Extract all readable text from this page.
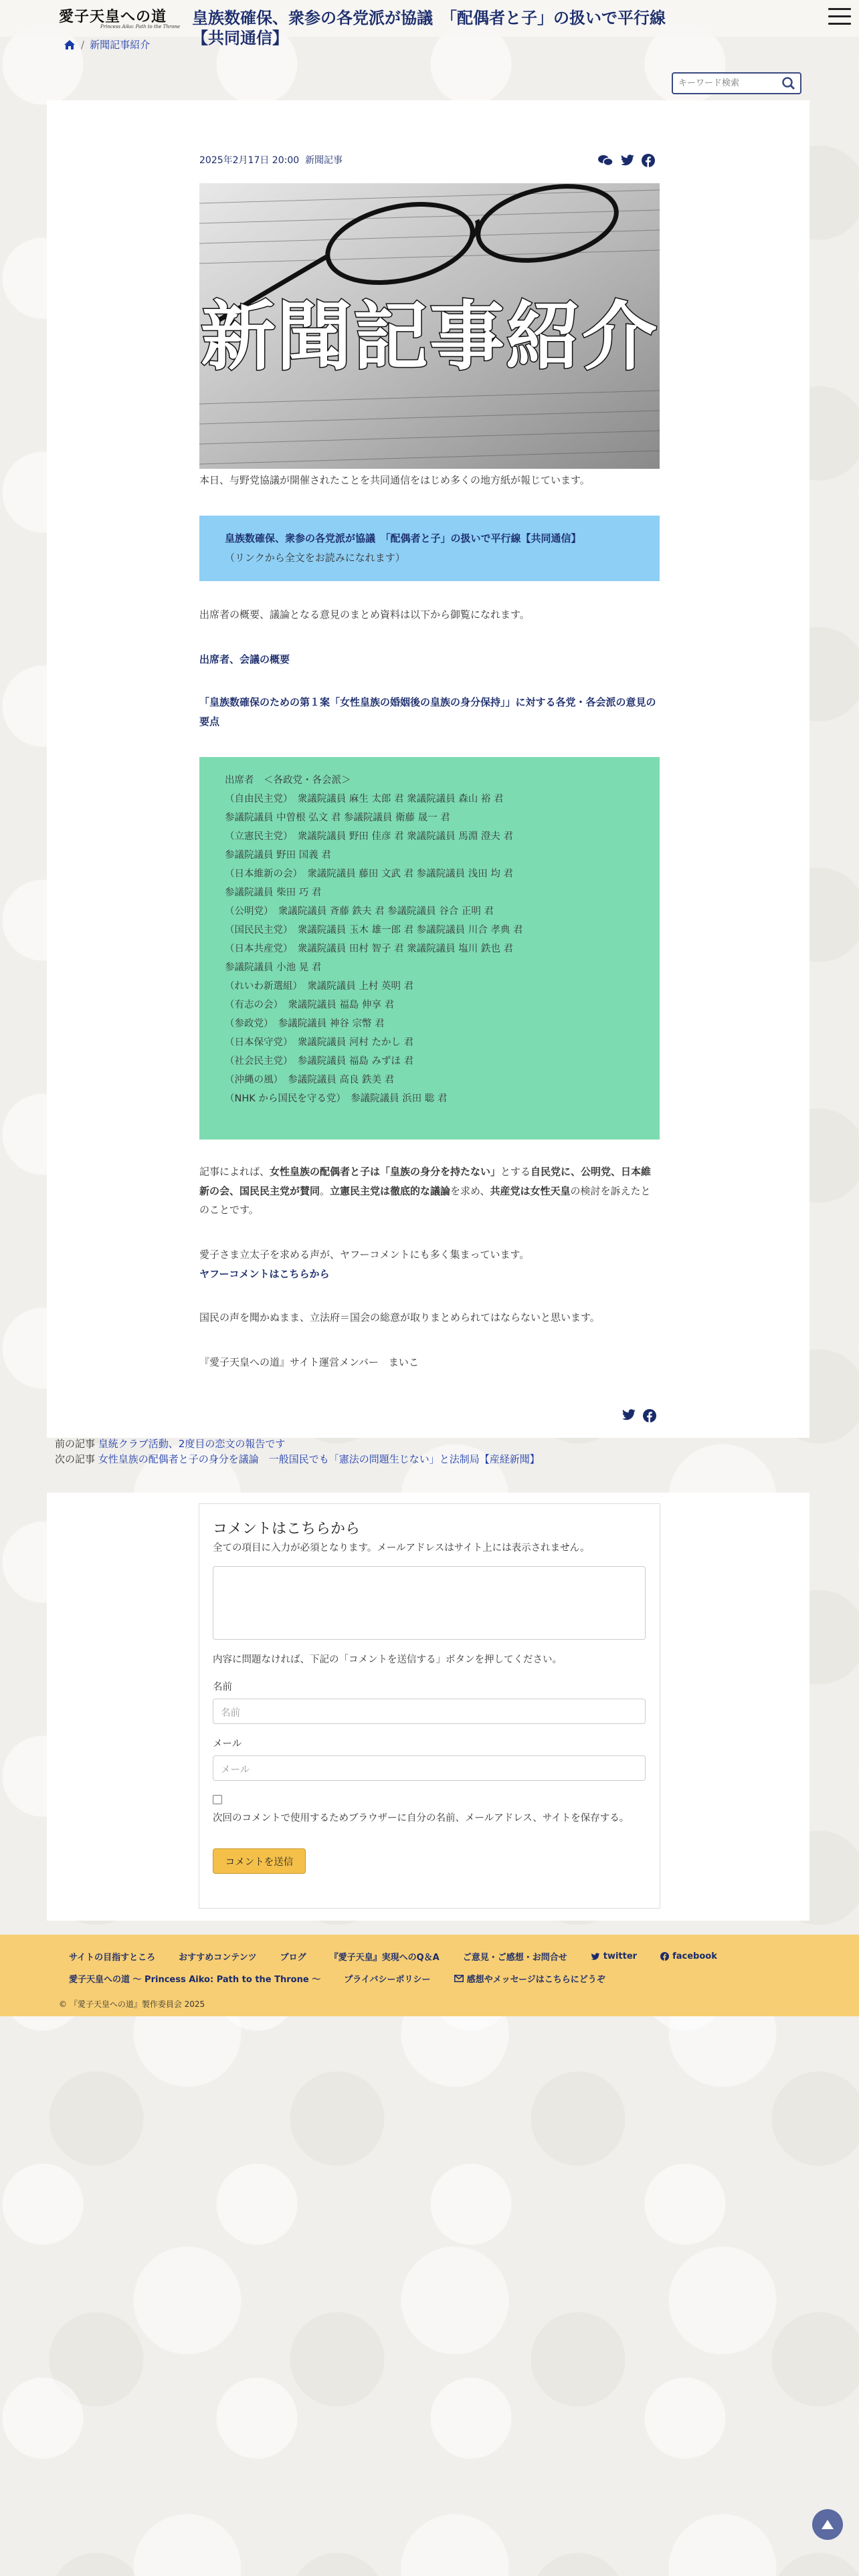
愛子天皇への道
Princess Aiko: Path to the Throne
/ 新聞記事紹介
キーワード検索
皇族数確保、衆参の各党派が協議　「配偶者と子」の扱いで平行線【共同通信】
2025年2月17日 20:00 新聞記事
新聞記事紹介

本日、与野党協議が開催されたことを共同通信をはじめ多くの地方紙が報じています。

皇族数確保、衆参の各党派が協議　「配偶者と子」の扱いで平行線【共同通信】
（リンクから全文をお読みになれます）

出席者の概要、議論となる意見のまとめ資料は以下から御覧になれます。

出席者、会議の概要

「皇族数確保のための第１案「女性皇族の婚姻後の皇族の身分保持」」に対する各党・各会派の意見の要点

出席者　＜各政党・各会派＞
（自由民主党）　衆議院議員 麻生 太郎 君 衆議院議員 森山 裕 君
参議院議員 中曽根 弘文 君 参議院議員 衛藤 晟一 君
（立憲民主党）　衆議院議員 野田 佳彦 君 衆議院議員 馬淵 澄夫 君
参議院議員 野田 国義 君
（日本維新の会）　衆議院議員 藤田 文武 君 参議院議員 浅田 均 君
参議院議員 柴田 巧 君
（公明党）　衆議院議員 斉藤 鉄夫 君 参議院議員 谷合 正明 君
（国民民主党）　衆議院議員 玉木 雄一郎 君 参議院議員 川合 孝典 君
（日本共産党）　衆議院議員 田村 智子 君 衆議院議員 塩川 鉄也 君
参議院議員 小池 晃 君
（れいわ新選組）　衆議院議員 上村 英明 君
（有志の会）　衆議院議員 福島 伸享 君
（参政党）　参議院議員 神谷 宗幣 君
（日本保守党）　衆議院議員 河村 たかし 君
（社会民主党）　参議院議員 福島 みずほ 君
（沖縄の風）　参議院議員 高良 鉄美 君
（NHK から国民を守る党）　参議院議員 浜田 聡 君

記事によれば、女性皇族の配偶者と子は「皇族の身分を持たない」とする自民党に、公明党、日本維新の会、国民民主党が賛同。立憲民主党は徹底的な議論を求め、共産党は女性天皇の検討を訴えたとのことです。

愛子さま立太子を求める声が、ヤフーコメントにも多く集まっています。
ヤフーコメントはこちらから

国民の声を聞かぬまま、立法府＝国会の総意が取りまとめられてはならないと思います。

『愛子天皇への道』サイト運営メンバー　まいこ

前の記事 皇統クラブ活動、2度目の恋文の報告です
次の記事 女性皇族の配偶者と子の身分を議論　一般国民でも「憲法の問題生じない」と法制局【産経新聞】
コメントはこちらから
全ての項目に入力が必須となります。メールアドレスはサイト上には表示されません。
内容に問題なければ、下記の「コメントを送信する」ボタンを押してください。
名前
名前
メール
メール
次回のコメントで使用するためブラウザーに自分の名前、メールアドレス、サイトを保存する。
コメントを送信
サイトの目指すところ	おすすめコンテンツ	ブログ	『愛子天皇』実現へのQ＆A	ご意見・ご感想・お問合せ	twitter	facebook
愛子天皇への道 〜 Princess Aiko: Path to the Throne 〜	プライバシーポリシー	感想やメッセージはこちらにどうぞ
© 『愛子天皇への道』製作委員会 2025
